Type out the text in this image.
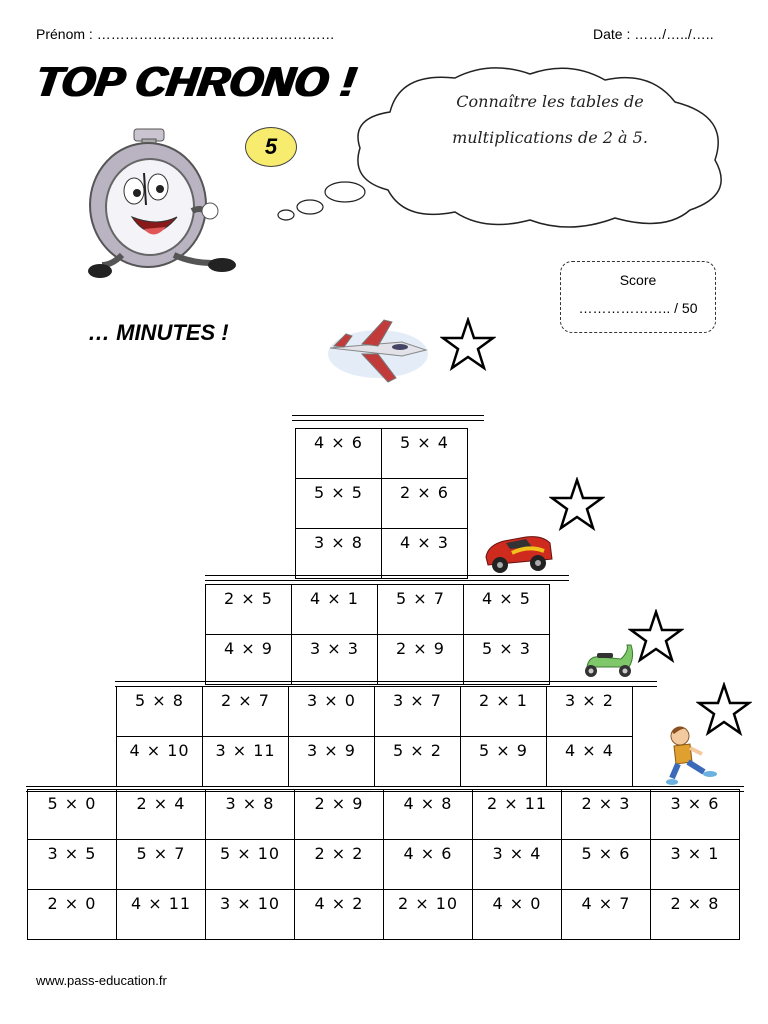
Prénom : ……………………………………………	Date : ……/…../…..
TOP CHRONO !
5
Connaître les tables de
multiplications de 2 à 5.
Score
……………….. / 50
… MINUTES !
4 × 6	5 × 4
5 × 5	2 × 6
3 × 8	4 × 3
2 × 5	4 × 1	5 × 7	4 × 5
4 × 9	3 × 3	2 × 9	5 × 3
5 × 8	2 × 7	3 × 0	3 × 7	2 × 1	3 × 2
4 × 10	3 × 11	3 × 9	5 × 2	5 × 9	4 × 4
5 × 0	2 × 4	3 × 8	2 × 9	4 × 8	2 × 11	2 × 3	3 × 6
3 × 5	5 × 7	5 × 10	2 × 2	4 × 6	3 × 4	5 × 6	3 × 1
2 × 0	4 × 11	3 × 10	4 × 2	2 × 10	4 × 0	4 × 7	2 × 8
www.pass-education.fr
